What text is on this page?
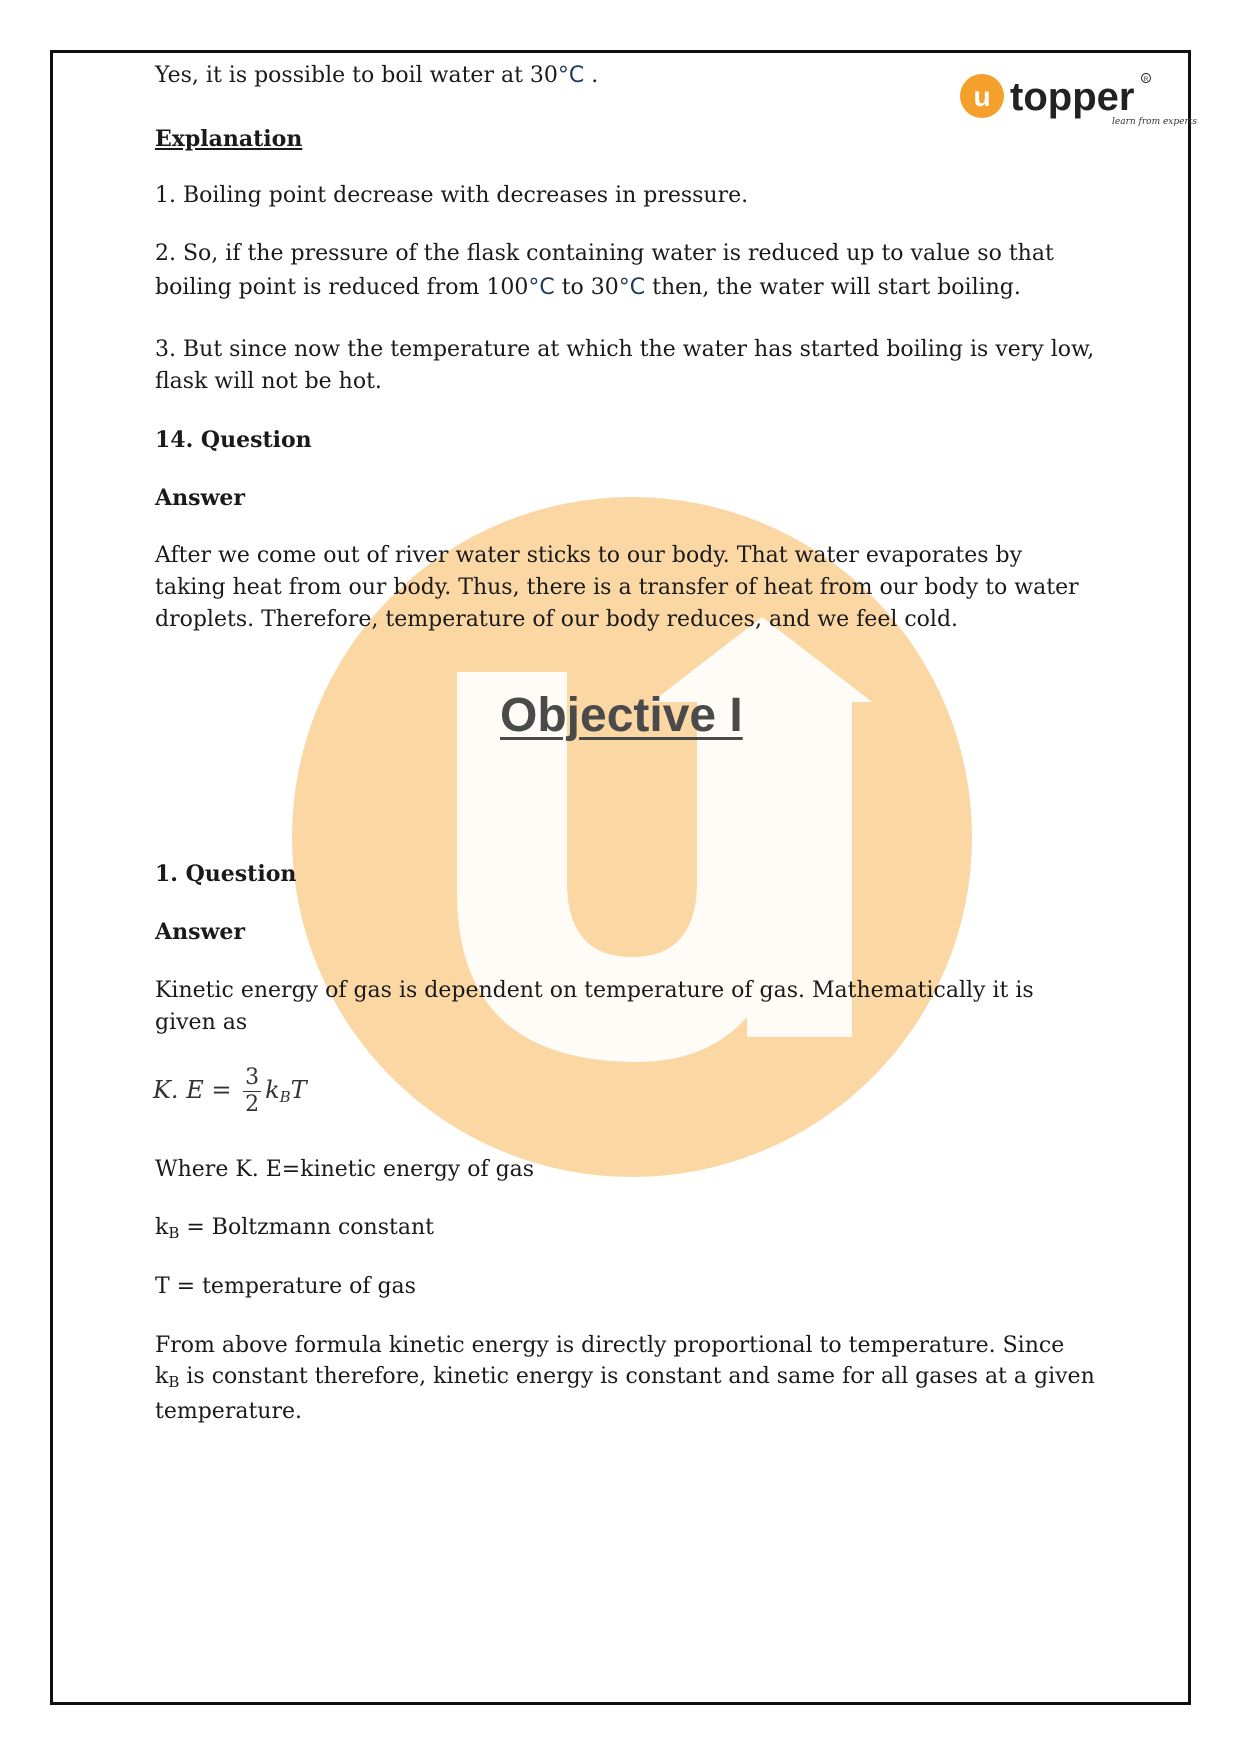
u topper
learn from experts
R

Yes, it is possible to boil water at 30°C .

Explanation

1. Boiling point decrease with decreases in pressure.

2. So, if the pressure of the flask containing water is reduced up to value so that

boiling point is reduced from 100°C to 30°C then, the water will start boiling.

3. But since now the temperature at which the water has started boiling is very low, flask will not be hot.

14. Question

Answer

After we come out of river water sticks to our body. That water evaporates by taking heat from our body. Thus, there is a transfer of heat from our body to water droplets. Therefore, temperature of our body reduces, and we feel cold.

1. Question

Answer

Kinetic energy of gas is dependent on temperature of gas. Mathematically it is given as

Where K. E=kinetic energy of gas

$k_B$ = Boltzmann constant

T = temperature of gas

From above formula kinetic energy is directly proportional to temperature. Since

$k_B$ is constant therefore, kinetic energy is constant and same for all gases at a given

temperature.

Objective I
K. $E = \frac{3}{2} k_BT$
